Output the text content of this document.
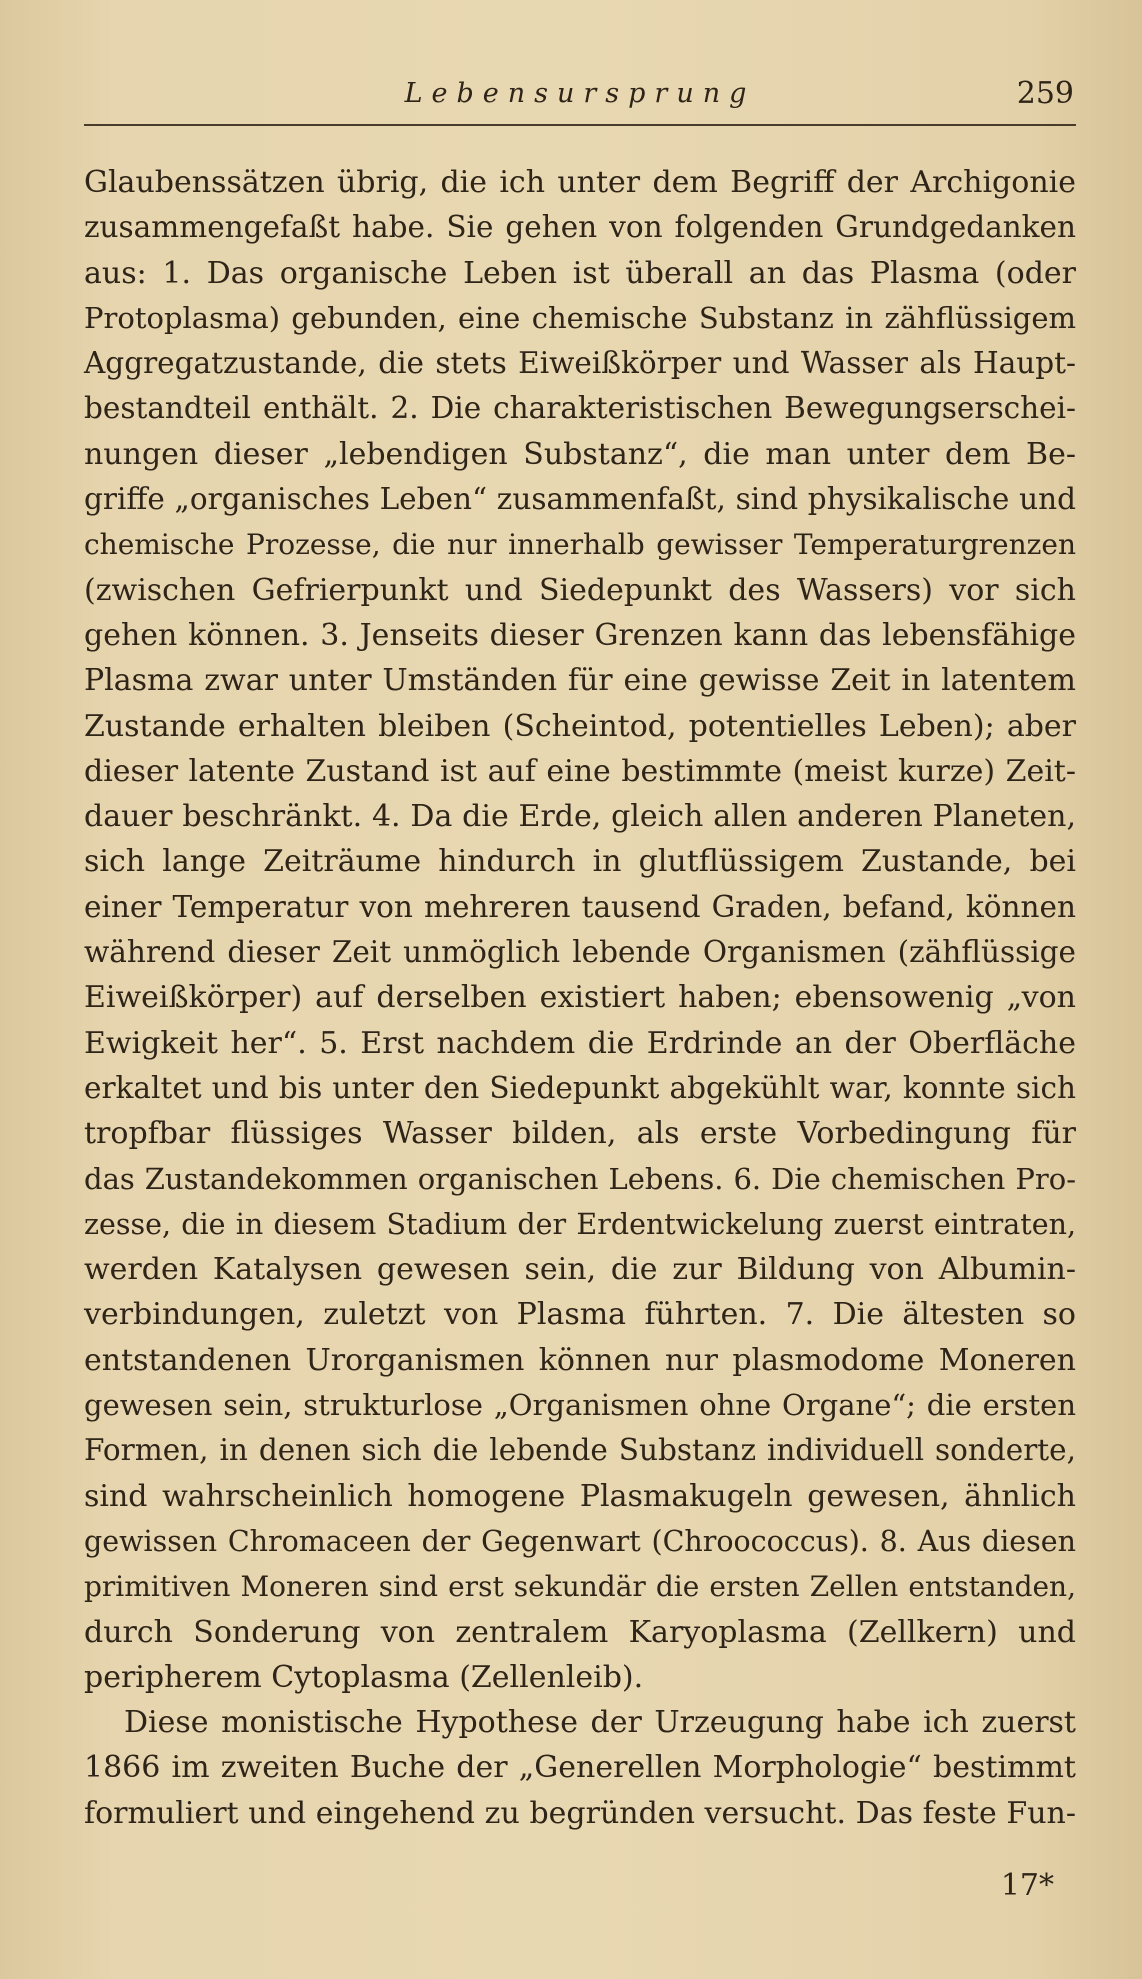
Lebensursprung	259
Glaubenssätzen übrig, die ich unter dem Begriff der Archigonie
zusammengefaßt habe. Sie gehen von folgenden Grundgedanken
aus: 1. Das organische Leben ist überall an das Plasma (oder
Protoplasma) gebunden, eine chemische Substanz in zähflüssigem
Aggregatzustande, die stets Eiweißkörper und Wasser als Haupt-
bestandteil enthält. 2. Die charakteristischen Bewegungserschei-
nungen dieser „lebendigen Substanz“, die man unter dem Be-
griffe „organisches Leben“ zusammenfaßt, sind physikalische und
chemische Prozesse, die nur innerhalb gewisser Temperaturgrenzen
(zwischen Gefrierpunkt und Siedepunkt des Wassers) vor sich
gehen können. 3. Jenseits dieser Grenzen kann das lebensfähige
Plasma zwar unter Umständen für eine gewisse Zeit in latentem
Zustande erhalten bleiben (Scheintod, potentielles Leben); aber
dieser latente Zustand ist auf eine bestimmte (meist kurze) Zeit-
dauer beschränkt. 4. Da die Erde, gleich allen anderen Planeten,
sich lange Zeiträume hindurch in glutflüssigem Zustande, bei
einer Temperatur von mehreren tausend Graden, befand, können
während dieser Zeit unmöglich lebende Organismen (zähflüssige
Eiweißkörper) auf derselben existiert haben; ebensowenig „von
Ewigkeit her“. 5. Erst nachdem die Erdrinde an der Oberfläche
erkaltet und bis unter den Siedepunkt abgekühlt war, konnte sich
tropfbar flüssiges Wasser bilden, als erste Vorbedingung für
das Zustandekommen organischen Lebens. 6. Die chemischen Pro-
zesse, die in diesem Stadium der Erdentwickelung zuerst eintraten,
werden Katalysen gewesen sein, die zur Bildung von Albumin-
verbindungen, zuletzt von Plasma führten. 7. Die ältesten so
entstandenen Urorganismen können nur plasmodome Moneren
gewesen sein, strukturlose „Organismen ohne Organe“; die ersten
Formen, in denen sich die lebende Substanz individuell sonderte,
sind wahrscheinlich homogene Plasmakugeln gewesen, ähnlich
gewissen Chromaceen der Gegenwart (Chroococcus). 8. Aus diesen
primitiven Moneren sind erst sekundär die ersten Zellen entstanden,
durch Sonderung von zentralem Karyoplasma (Zellkern) und
peripherem Cytoplasma (Zellenleib).
Diese monistische Hypothese der Urzeugung habe ich zuerst
1866 im zweiten Buche der „Generellen Morphologie“ bestimmt
formuliert und eingehend zu begründen versucht. Das feste Fun-
17*
